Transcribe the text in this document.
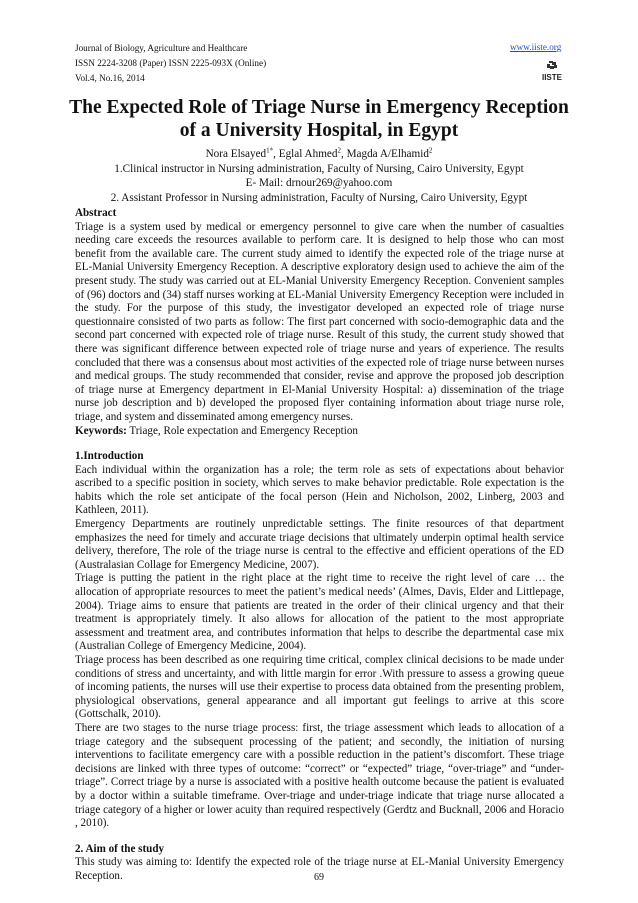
Journal of Biology, Agriculture and Healthcare
ISSN 2224-3208 (Paper) ISSN 2225-093X (Online)
Vol.4, No.16, 2014
www.iiste.org
IISTE
The Expected Role of Triage Nurse in Emergency Reception of a University Hospital, in Egypt
Nora Elsayed$^{1*}$, Eglal Ahmed$^2$, Magda A/Elhamid$^2$
1.Clinical instructor in Nursing administration, Faculty of Nursing, Cairo University, Egypt
E- Mail: drnour269@yahoo.com
2. Assistant Professor in Nursing administration, Faculty of Nursing, Cairo University, Egypt

Abstract

Triage is a system used by medical or emergency personnel to give care when the number of casualties needing care exceeds the resources available to perform care. It is designed to help those who can most benefit from the available care. The current study aimed to identify the expected role of the triage nurse at EL-Manial University Emergency Reception. A descriptive exploratory design used to achieve the aim of the present study. The study was carried out at EL-Manial University Emergency Reception. Convenient samples of (96) doctors and (34) staff nurses working at EL-Manial University Emergency Reception were included in the study. For the purpose of this study, the investigator developed an expected role of triage nurse questionnaire consisted of two parts as follow: The first part concerned with socio-demographic data and the second part concerned with expected role of triage nurse. Result of this study, the current study showed that there was significant difference between expected role of triage nurse and years of experience. The results concluded that there was a consensus about most activities of the expected role of triage nurse between nurses and medical groups. The study recommended that consider, revise and approve the proposed job description of triage nurse at Emergency department in El-Manial University Hospital: a) dissemination of the triage nurse job description and b) developed the proposed flyer containing information about triage nurse role, triage, and system and disseminated among emergency nurses.

Keywords: Triage, Role expectation and Emergency Reception

1.Introduction

Each individual within the organization has a role; the term role as sets of expectations about behavior ascribed to a specific position in society, which serves to make behavior predictable. Role expectation is the habits which the role set anticipate of the focal person (Hein and Nicholson, 2002, Linberg, 2003 and Kathleen, 2011).

Emergency Departments are routinely unpredictable settings. The finite resources of that department emphasizes the need for timely and accurate triage decisions that ultimately underpin optimal health service delivery, therefore, The role of the triage nurse is central to the effective and efficient operations of the ED (Australasian Collage for Emergency Medicine, 2007).

Triage is putting the patient in the right place at the right time to receive the right level of care … the allocation of appropriate resources to meet the patient’s medical needs’ (Almes, Davis, Elder and Littlepage, 2004). Triage aims to ensure that patients are treated in the order of their clinical urgency and that their treatment is appropriately timely. It also allows for allocation of the patient to the most appropriate assessment and treatment area, and contributes information that helps to describe the departmental case mix (Australian College of Emergency Medicine, 2004).

Triage process has been described as one requiring time critical, complex clinical decisions to be made under conditions of stress and uncertainty, and with little margin for error .With pressure to assess a growing queue of incoming patients, the nurses will use their expertise to process data obtained from the presenting problem, physiological observations, general appearance and all important gut feelings to arrive at this score (Gottschalk, 2010).

There are two stages to the nurse triage process: first, the triage assessment which leads to allocation of a triage category and the subsequent processing of the patient; and secondly, the initiation of nursing interventions to facilitate emergency care with a possible reduction in the patient’s discomfort. These triage decisions are linked with three types of outcome: “correct” or “expected” triage, “over-triage” and “under-triage”. Correct triage by a nurse is associated with a positive health outcome because the patient is evaluated by a doctor within a suitable timeframe. Over-triage and under-triage indicate that triage nurse allocated a triage category of a higher or lower acuity than required respectively (Gerdtz and Bucknall, 2006 and Horacio , 2010).

2. Aim of the study

This study was aiming to: Identify the expected role of the triage nurse at EL-Manial University Emergency Reception.	69
